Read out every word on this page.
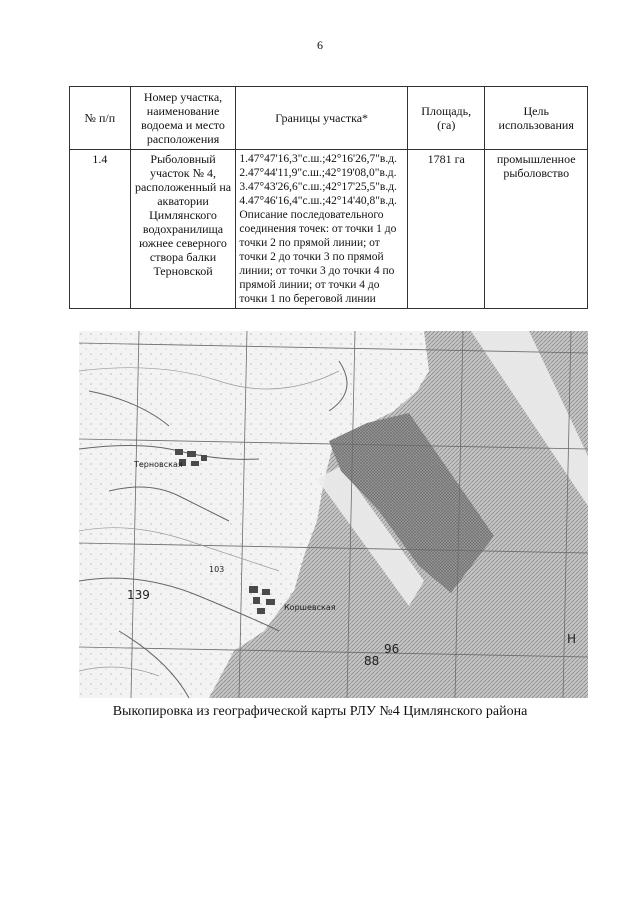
6
№ п/п	Номер участка, наименование водоема и место расположения	Границы участка*	Площадь, (га)	Цель использования
1.4	Рыболовный участок № 4, расположенный на акватории Цимлянского водохранилища южнее северного створа балки Терновской	1.47°47'16,3"с.ш.;42°16'26,7"в.д.
2.47°44'11,9"с.ш.;42°19'08,0"в.д.
3.47°43'26,6"с.ш.;42°17'25,5"в.д.
4.47°46'16,4"с.ш.;42°14'40,8"в.д.
Описание последовательного соединения точек: от точки 1 до точки 2 по прямой линии; от точки 2 до точки 3 по прямой линии; от точки 3 до точки 4 по прямой линии; от точки 4 до точки 1 по береговой линии	1781 га	промышленное рыболовство
Терновская
Коршевская
103
139
96
88
Н
Выкопировка из географической карты РЛУ №4 Цимлянского района
